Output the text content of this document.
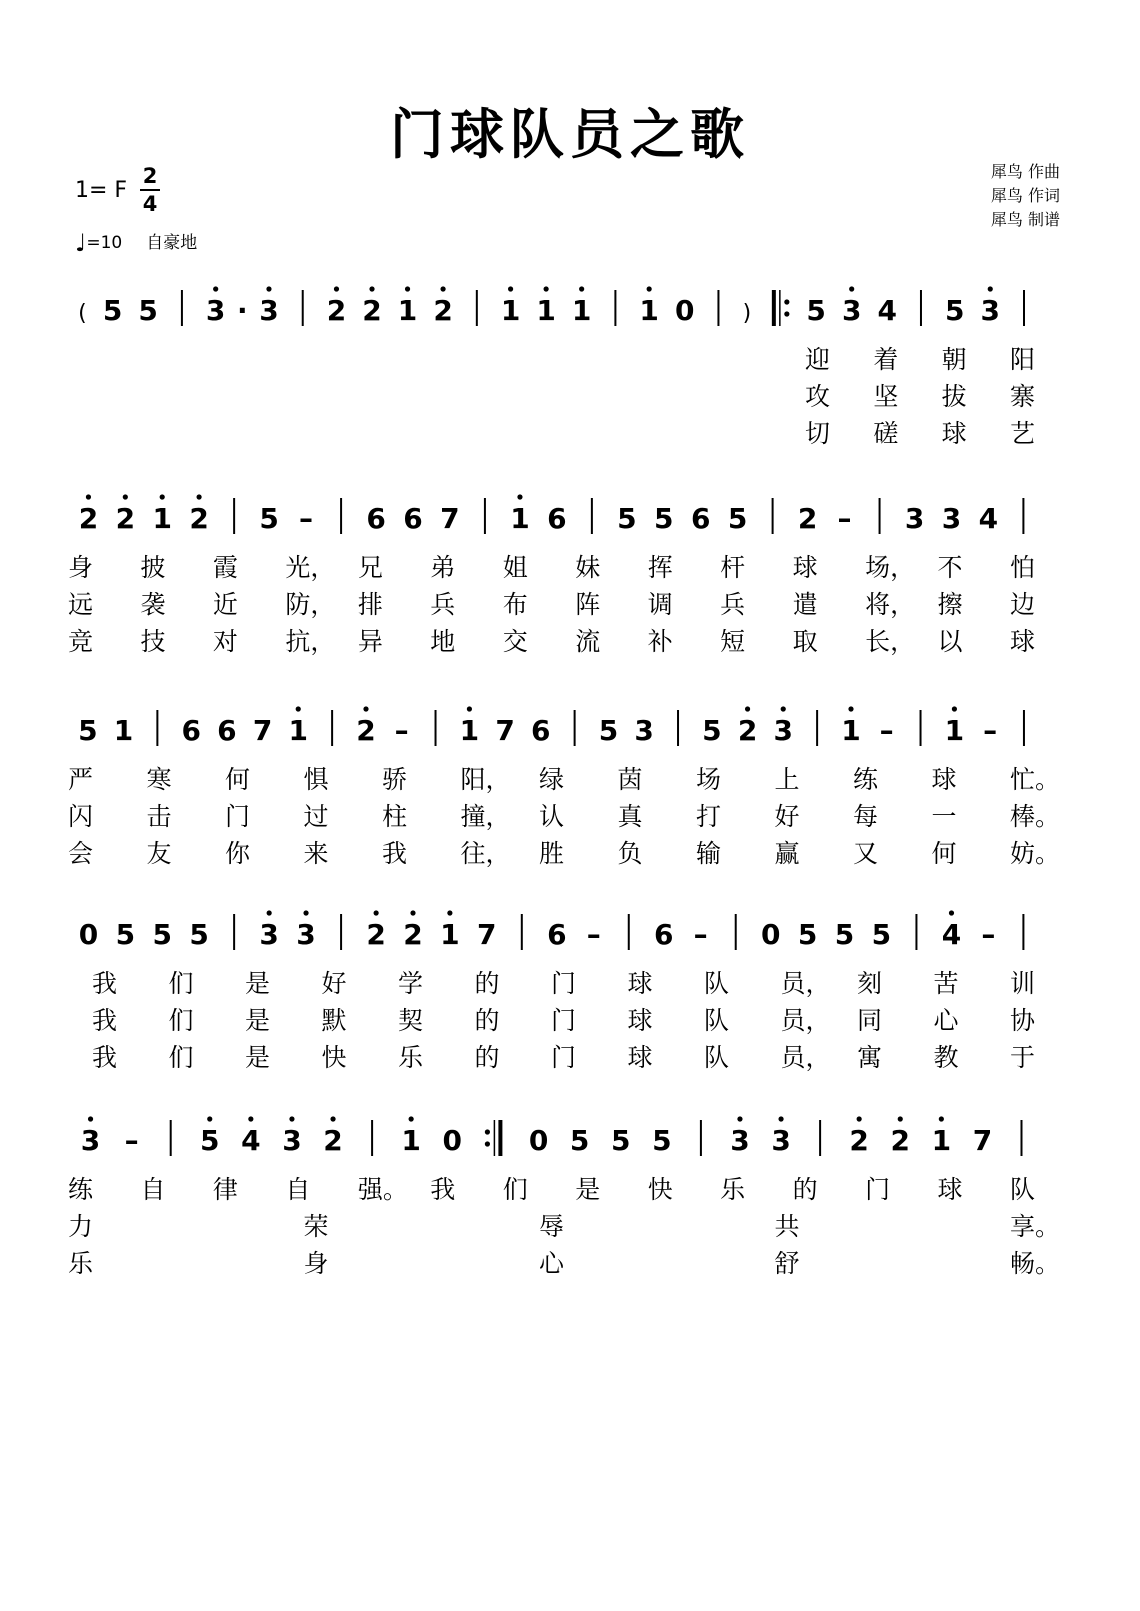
门球队员之歌
犀鸟 作曲
犀鸟 作词
犀鸟 制谱
1= F
2
4
♩=10 自豪地
( 5 5 3 · 3 2 2 1 2 1 1 1 1 0 ) 5 3 4 5 3
2 2 1 2 5 – 6 6 7 1 6 5 5 6 5 2 – 3 3 4
5 1 6 6 7 1 2 – 1 7 6 5 3 5 2 3 1 – 1 –
0 5 5 5 3 3 2 2 1 7 6 – 6 – 0 5 5 5 4 –
3 – 5 4 3 2 1 0 0 5 5 5 3 3 2 2 1 7
迎 着 朝 阳
攻 坚 拔 寨
切 磋 球 艺
身 披 霞 光， 兄 弟 姐 妹 挥 杆 球 场， 不 怕
远 袭 近 防， 排 兵 布 阵 调 兵 遣 将， 擦 边
竞 技 对 抗， 异 地 交 流 补 短 取 长， 以 球
严 寒 何 惧 骄 阳， 绿 茵 场 上 练 球 忙。
闪 击 门 过 柱 撞， 认 真 打 好 每 一 棒。
会 友 你 来 我 往， 胜 负 输 赢 又 何 妨。
我 们 是 好 学 的 门 球 队 员， 刻 苦 训
我 们 是 默 契 的 门 球 队 员， 同 心 协
我 们 是 快 乐 的 门 球 队 员， 寓 教 于
练 自 律 自 强。 我 们 是 快 乐 的 门 球 队
力	荣	辱	共	享。
乐	身	心	舒	畅。
